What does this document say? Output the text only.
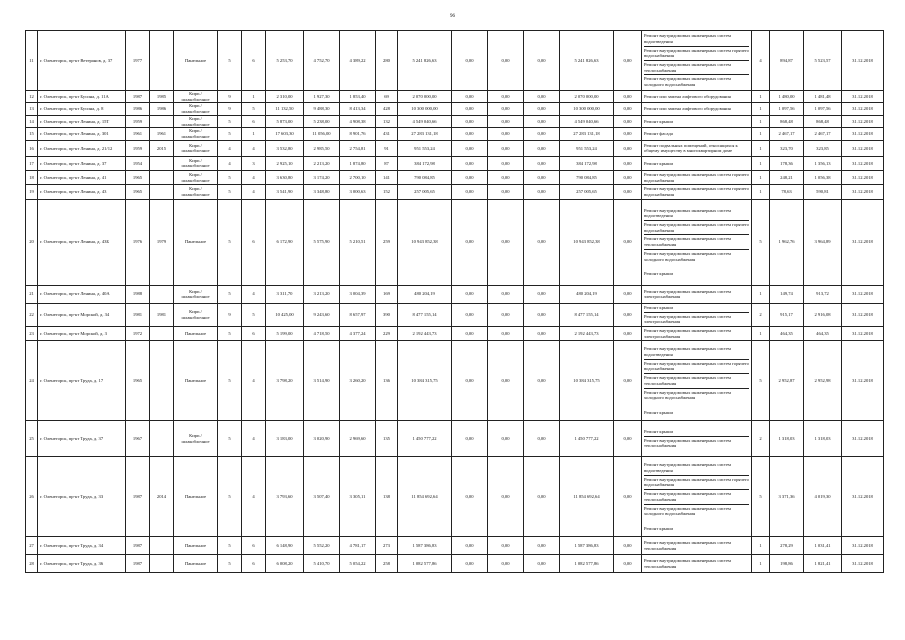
96
11	г. Оленегорск, пр-кт Ветеранов, д. 37	1977		Панельное	5	6	5 253,70	4 752,70	4 389,22	280	5 241 826,63	0,00	0,00	0,00	5 241 826,63	0,00	Ремонт внутридомовых инженерных систем водоотведения
Ремонт внутридомовых инженерных систем горячего водоснабжения
Ремонт внутридомовых инженерных систем теплоснабжения
Ремонт внутридомовых инженерных систем холодного водоснабжения	4	894,87	5 523,57	31.12.2018
12	г. Оленегорск, пр-кт Бусина, д. 11А	1987	1985	Кирп./ шлакоблочное	9	1	2 310,00	1 927,30	1 853,40	69	2 070 000,00	0,00	0,00	0,00	2 070 000,00	0,00	Ремонт или замена лифтового оборудования	1	1 480,00	1 481,48	31.12.2018
13	г. Оленегорск, пр-кт Бусина, д. 8	1986	1986	Кирп./ шлакоблочное	9	5	11 132,50	9 488,30	8 413,34	428	10 300 000,00	0,00	0,00	0,00	10 300 000,00	0,00	Ремонт или замена лифтового оборудования	1	1 097,56	1 097,56	31.12.2018
14	г. Оленегорск, пр-кт Ленина, д. 15Т	1959		Кирп./ шлакоблочное	5	6	5 873,00	5 238,00	4 908,38	132	4 549 040,66	0,00	0,00	0,00	4 549 040,66	0,00	Ремонт крыши	1	868,48	868,48	31.12.2018
15	г. Оленегорск, пр-кт Ленина, д. 301	1961	1961	Кирп./ шлакоблочное	5	1	17 603,30	11 056,00	8 901,76	431	27 283 131,18	0,00	0,00	0,00	27 283 131,18	0,00	Ремонт фасада	1	2 467,17	2 467,17	31.12.2018
16	г. Оленегорск, пр-кт Ленина, д. 21/12	1959	2015	Кирп./ шлакоблочное	4	4	3 532,80	2 985,50	2 754,81	91	951 553,24	0,00	0,00	0,00	951 553,24	0,00	Ремонт подвальных помещений, относящихся к общему имуществу в многоквартирном доме	1	323,70	323,85	31.12.2018
17	г. Оленегорск, пр-кт Ленина, д. 37	1954		Кирп./ шлакоблочное	4	3	2 925,10	2 213,20	1 874,80	87	384 172,98	0,00	0,00	0,00	384 172,98	0,00	Ремонт крыши	1	178,36	1 356,13	31.12.2018
18	г. Оленегорск, пр-кт Ленина, д. 41	1965		Кирп./ шлакоблочное	5	4	3 630,80	3 174,20	2 700,10	141	790 084,85	0,00	0,00	0,00	790 084,85	0,00	Ремонт внутридомовых инженерных систем горячего водоснабжения	1	248,21	1 056,38	31.12.2018
19	г. Оленегорск, пр-кт Ленина, д. 43	1965		Кирп./ шлакоблочное	5	4	3 541,90	3 348,80	3 000,63	152	257 005,65	0,00	0,00	0,00	257 005,65	0,00	Ремонт внутридомовых инженерных систем горячего водоснабжения	1	78,63	590,81	31.12.2018
20	г. Оленегорск, пр-кт Ленина, д. 43Б	1976	1979	Панельное	5	6	6 172,90	5 575,90	5 210,51	259	10 943 852,38	0,00	0,00	0,00	10 943 852,38	0,00	Ремонт внутридомовых инженерных систем водоотведения
Ремонт внутридомовых инженерных систем горячего водоснабжения
Ремонт внутридомовых инженерных систем теплоснабжения
Ремонт внутридомовых инженерных систем холодного водоснабжения
Ремонт крыши	5	1 962,76	3 964,89	31.12.2018
21	г. Оленегорск, пр-кт Ленина, д. 40А	1988		Кирп./ шлакоблочное	5	4	3 311,70	3 213,20	3 004,39	169	480 204,19	0,00	0,00	0,00	480 204,19	0,00	Ремонт внутридомовых инженерных систем электроснабжения	1	149,74	913,72	31.12.2018
22	г. Оленегорск, пр-кт Морской, д. 34	1981	1981	Кирп./ шлакоблочное	9	5	10 425,00	9 243,60	8 657,97	390	8 477 155,14	0,00	0,00	0,00	8 477 155,14	0,00	Ремонт крыши
Ремонт внутридомовых инженерных систем электроснабжения	2	915,17	2 916,08	31.12.2018
23	г. Оленегорск, пр-кт Морской, д. 3	1972		Панельное	5	6	5 199,00	4 718,50	4 377,24	229	2 192 443,73	0,00	0,00	0,00	2 192 443,73	0,00	Ремонт внутридомовых инженерных систем электроснабжения	1	464,35	464,35	31.12.2018
24	г. Оленегорск, пр-кт Труда, д. 17	1965		Панельное	5	4	3 798,20	3 514,90	3 260,20	136	10 384 315,75	0,00	0,00	0,00	10 384 315,75	0,00	Ремонт внутридомовых инженерных систем водоотведения
Ремонт внутридомовых инженерных систем горячего водоснабжения
Ремонт внутридомовых инженерных систем теплоснабжения
Ремонт внутридомовых инженерных систем холодного водоснабжения
Ремонт крыши	5	2 952,87	2 952,98	31.12.2018
25	г. Оленегорск, пр-кт Труда, д. 37	1967		Кирп./ шлакоблочное	5	4	3 183,00	3 020,90	2 969,60	135	1 450 777,22	0,00	0,00	0,00	1 450 777,22	0,00	Ремонт крыши
Ремонт внутридомовых инженерных систем теплоснабжения	2	1 318,03	1 318,03	31.12.2018
26	г. Оленегорск, пр-кт Труда, д. 33	1987	2014	Панельное	5	4	3 793,60	3 507,40	3 305,11	138	11 854 692,64	0,00	0,00	0,00	11 854 692,64	0,00	Ремонт внутридомовых инженерных систем водоотведения
Ремонт внутридомовых инженерных систем горячего водоснабжения
Ремонт внутридомовых инженерных систем теплоснабжения
Ремонт внутридомовых инженерных систем холодного водоснабжения
Ремонт крыши	5	3 371,36	4 019,30	31.12.2018
27	г. Оленегорск, пр-кт Труда, д. 34	1987		Панельное	5	6	6 148,90	5 552,20	4 781,17	273	1 587 386,83	0,00	0,00	0,00	1 587 386,83	0,00	Ремонт внутридомовых инженерных систем теплоснабжения	1	278,29	1 031,41	31.12.2018
28	г. Оленегорск, пр-кт Труда, д. 36	1987		Панельное	5	6	6 008,20	5 410,70	5 054,22	258	1 082 577,86	0,00	0,00	0,00	1 082 577,86	0,00	Ремонт внутридомовых инженерных систем теплоснабжения	1	198,86	1 821,41	31.12.2018
